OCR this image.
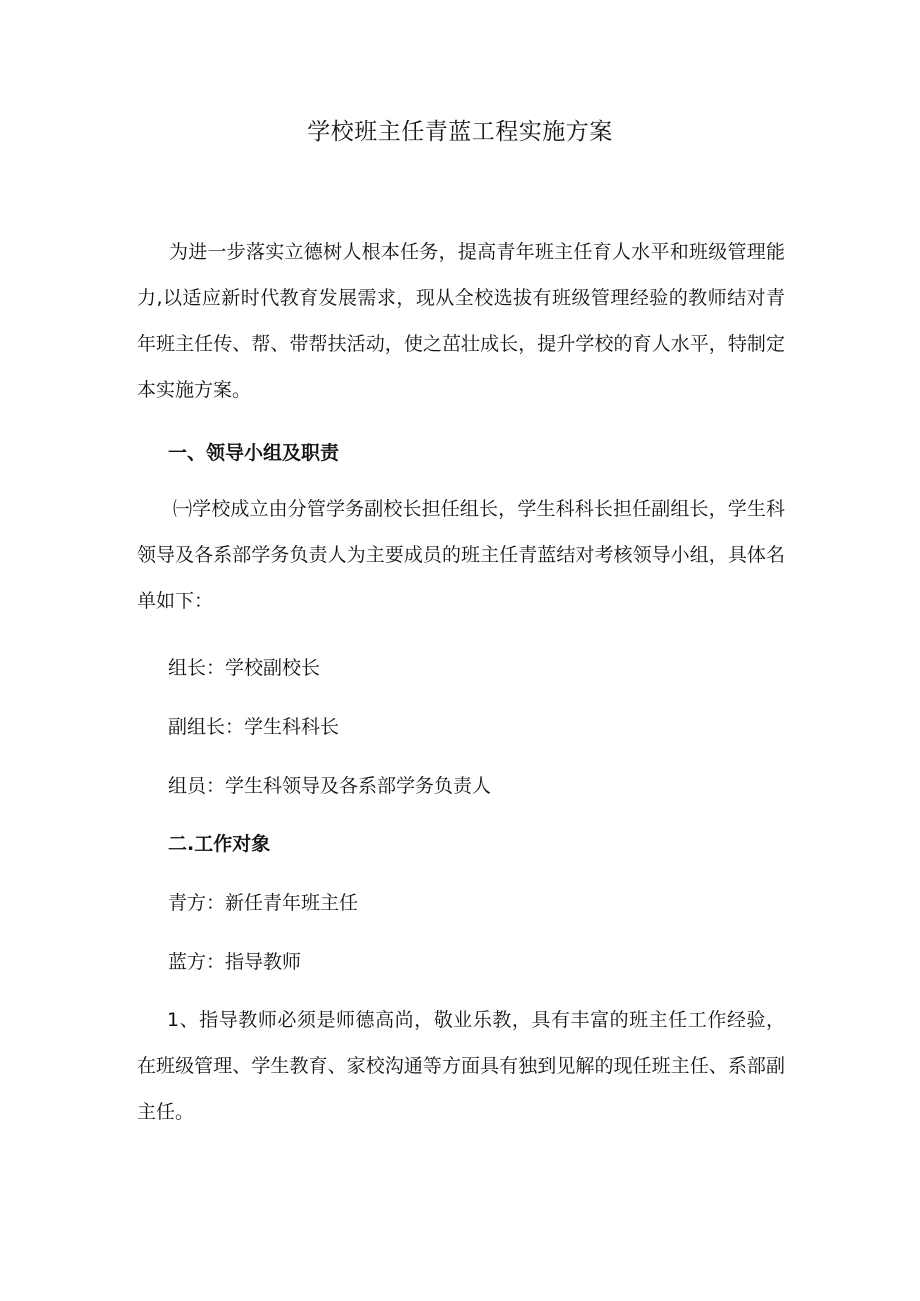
学校班主任青蓝工程实施方案

为进一步落实立德树人根本任务，提高青年班主任育人水平和班级管理能力,以适应新时代教育发展需求，现从全校选拔有班级管理经验的教师结对青年班主任传、帮、带帮扶活动，使之茁壮成长，提升学校的育人水平，特制定本实施方案。

一、领导小组及职责

㈠学校成立由分管学务副校长担任组长，学生科科长担任副组长，学生科领导及各系部学务负责人为主要成员的班主任青蓝结对考核领导小组，具体名单如下：

组长：学校副校长

副组长：学生科科长

组员：学生科领导及各系部学务负责人

二.工作对象

青方：新任青年班主任

蓝方：指导教师

1、指导教师必须是师德高尚，敬业乐教，具有丰富的班主任工作经验，在班级管理、学生教育、家校沟通等方面具有独到见解的现任班主任、系部副主任。
